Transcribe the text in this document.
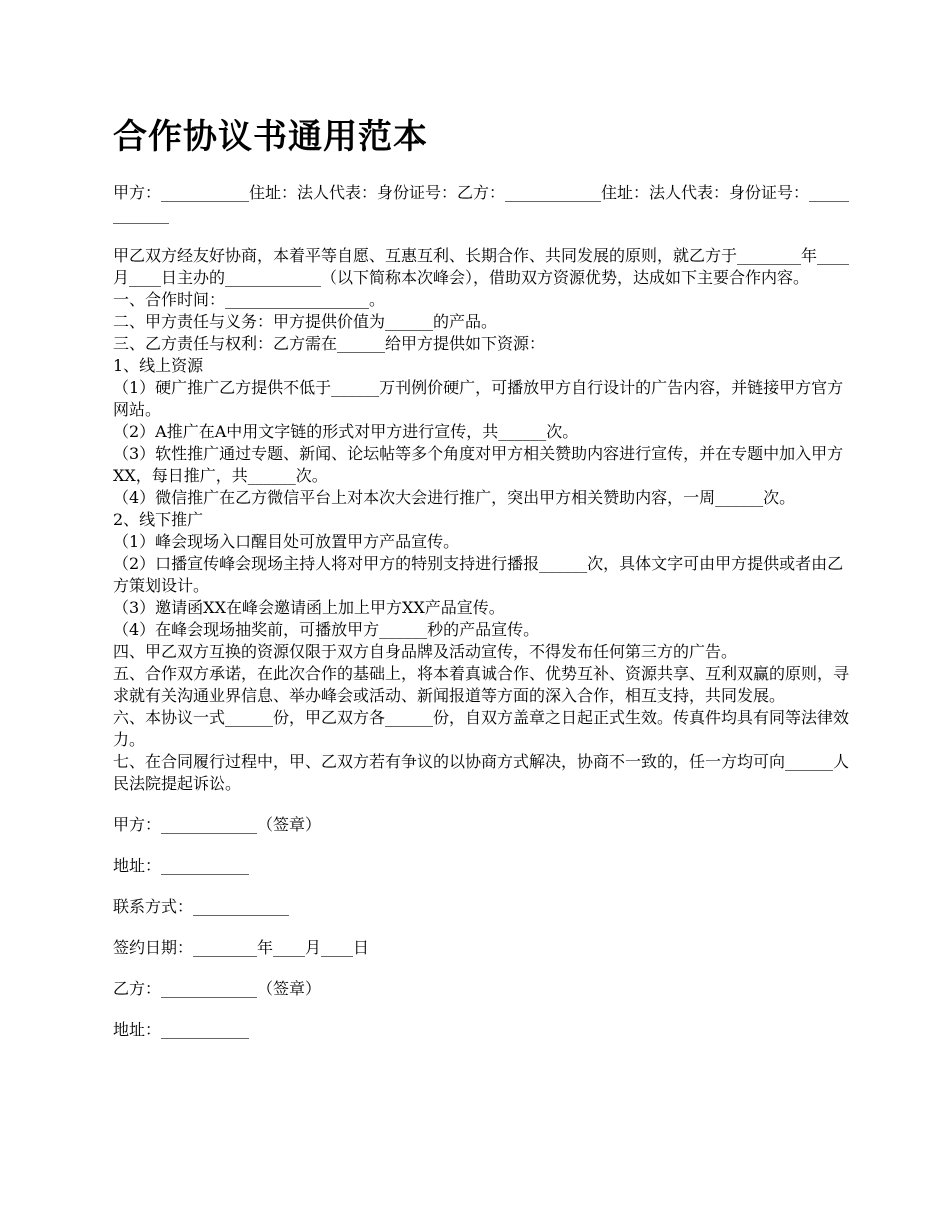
合作协议书通用范本
甲方：___________住址：法人代表：身份证号：乙方：____________住址：法人代表：身份证号：____________
甲乙双方经友好协商，本着平等自愿、互惠互利、长期合作、共同发展的原则，就乙方于________年____月____日主办的____________（以下简称本次峰会），借助双方资源优势，达成如下主要合作内容。
一、合作时间：__________________。
二、甲方责任与义务：甲方提供价值为______的产品。
三、乙方责任与权利：乙方需在______给甲方提供如下资源：
1、线上资源
（1）硬广推广乙方提供不低于______万刊例价硬广，可播放甲方自行设计的广告内容，并链接甲方官方网站。
（2）A推广在A中用文字链的形式对甲方进行宣传，共______次。
（3）软性推广通过专题、新闻、论坛帖等多个角度对甲方相关赞助内容进行宣传，并在专题中加入甲方XX，每日推广，共______次。
（4）微信推广在乙方微信平台上对本次大会进行推广，突出甲方相关赞助内容，一周______次。
2、线下推广
（1）峰会现场入口醒目处可放置甲方产品宣传。
（2）口播宣传峰会现场主持人将对甲方的特别支持进行播报______次，具体文字可由甲方提供或者由乙方策划设计。
（3）邀请函XX在峰会邀请函上加上甲方XX产品宣传。
（4）在峰会现场抽奖前，可播放甲方______秒的产品宣传。
四、甲乙双方互换的资源仅限于双方自身品牌及活动宣传，不得发布任何第三方的广告。
五、合作双方承诺，在此次合作的基础上，将本着真诚合作、优势互补、资源共享、互利双赢的原则，寻求就有关沟通业界信息、举办峰会或活动、新闻报道等方面的深入合作，相互支持，共同发展。
六、本协议一式______份，甲乙双方各______份，自双方盖章之日起正式生效。传真件均具有同等法律效力。
七、在合同履行过程中，甲、乙双方若有争议的以协商方式解决，协商不一致的，任一方均可向______人民法院提起诉讼。
甲方：____________（签章）
地址：___________
联系方式：____________
签约日期：________年____月____日
乙方：____________（签章）
地址：___________
